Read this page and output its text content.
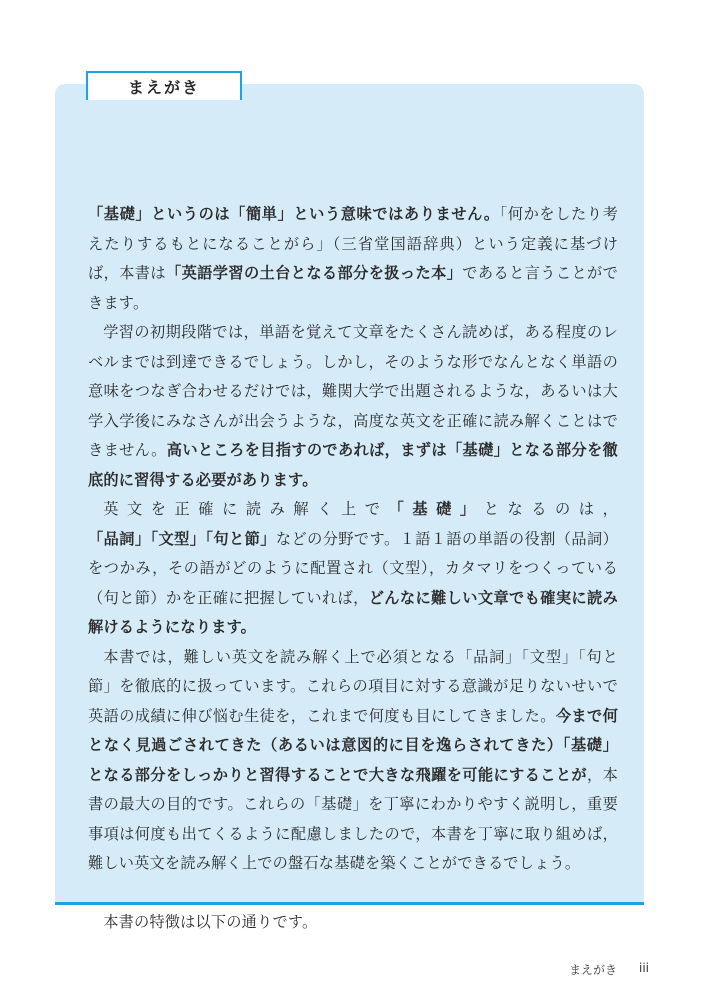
まえがき

「基礎」というのは「簡単」という意味ではありません。「何かをしたり考えたりするもとになることがら」（三省堂国語辞典）という定義に基づけば，本書は「英語学習の土台となる部分を扱った本」であると言うことができます。

学習の初期段階では，単語を覚えて文章をたくさん読めば，ある程度のレベルまでは到達できるでしょう。しかし，そのような形でなんとなく単語の意味をつなぎ合わせるだけでは，難関大学で出題されるような，あるいは大学入学後にみなさんが出会うような，高度な英文を正確に読み解くことはできません。高いところを目指すのであれば，まずは「基礎」となる部分を徹底的に習得する必要があります。

英文を正確に読み解く上で「基礎」となるのは，「品詞」「文型」「句と節」などの分野です。１語１語の単語の役割（品詞）をつかみ，その語がどのように配置され（文型），カタマリをつくっている（句と節）かを正確に把握していれば，どんなに難しい文章でも確実に読み解けるようになります。

本書では，難しい英文を読み解く上で必須となる「品詞」「文型」「句と節」を徹底的に扱っています。これらの項目に対する意識が足りないせいで英語の成績に伸び悩む生徒を，これまで何度も目にしてきました。今まで何となく見過ごされてきた（あるいは意図的に目を逸らされてきた）「基礎」となる部分をしっかりと習得することで大きな飛躍を可能にすることが，本書の最大の目的です。これらの「基礎」を丁寧にわかりやすく説明し，重要事項は何度も出てくるように配慮しましたので，本書を丁寧に取り組めば，難しい英文を読み解く上での盤石な基礎を築くことができるでしょう。

本書の特徴は以下の通りです。

まえがき iii
